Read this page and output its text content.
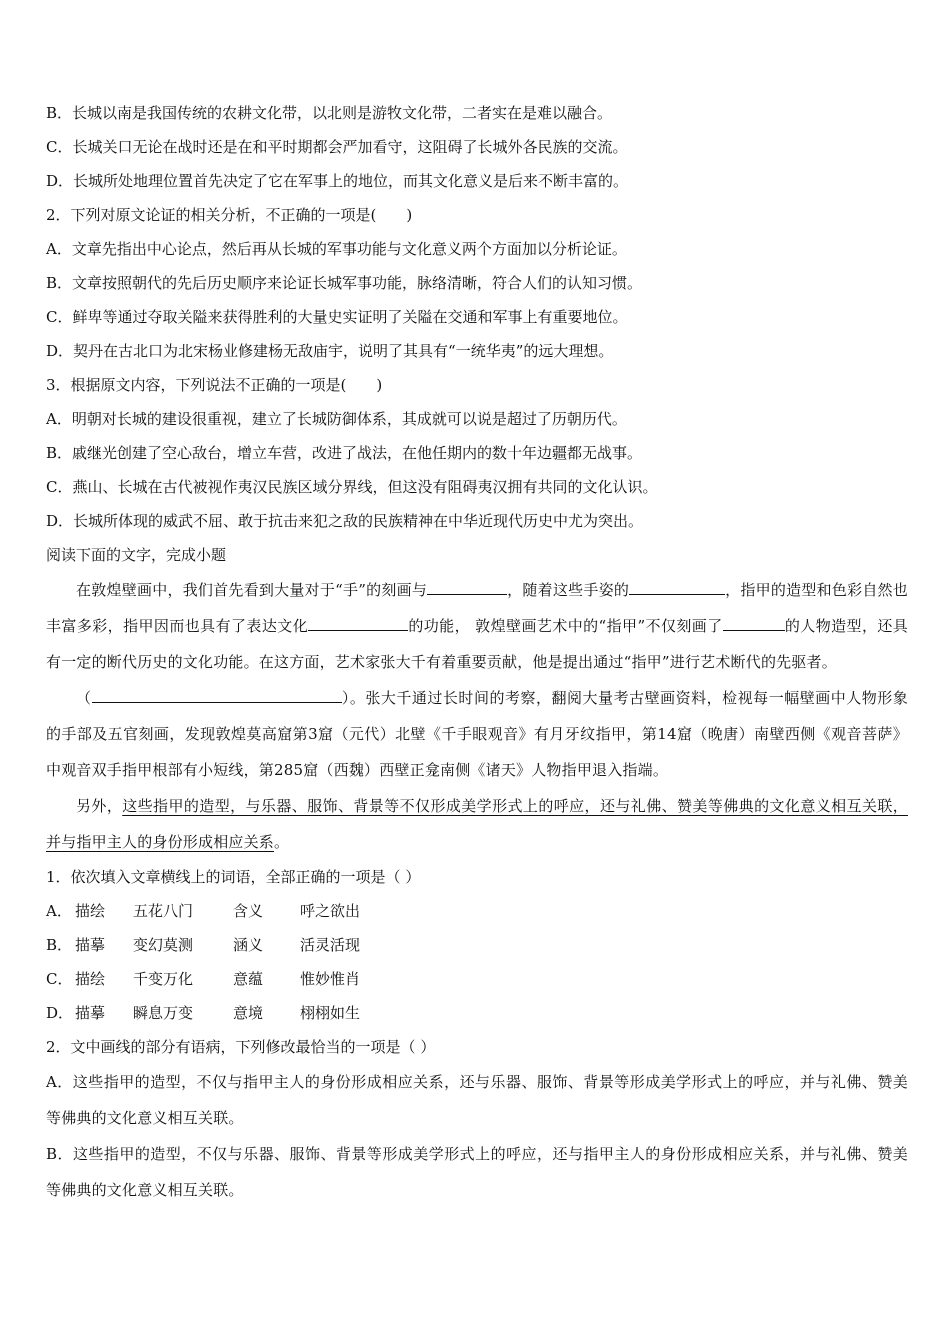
B．长城以南是我国传统的农耕文化带，以北则是游牧文化带，二者实在是难以融合。
C．长城关口无论在战时还是在和平时期都会严加看守，这阻碍了长城外各民族的交流。
D．长城所处地理位置首先决定了它在军事上的地位，而其文化意义是后来不断丰富的。
2．下列对原文论证的相关分析，不正确的一项是(　　)
A．文章先指出中心论点，然后再从长城的军事功能与文化意义两个方面加以分析论证。
B．文章按照朝代的先后历史顺序来论证长城军事功能，脉络清晰，符合人们的认知习惯。
C．鲜卑等通过夺取关隘来获得胜利的大量史实证明了关隘在交通和军事上有重要地位。
D．契丹在古北口为北宋杨业修建杨无敌庙宇，说明了其具有“一统华夷”的远大理想。
3．根据原文内容，下列说法不正确的一项是(　　)
A．明朝对长城的建设很重视，建立了长城防御体系，其成就可以说是超过了历朝历代。
B．戚继光创建了空心敌台，增立车营，改进了战法，在他任期内的数十年边疆都无战事。
C．燕山、长城在古代被视作夷汉民族区域分界线，但这没有阻碍夷汉拥有共同的文化认识。
D．长城所体现的威武不屈、敢于抗击来犯之敌的民族精神在中华近现代历史中尤为突出。
阅读下面的文字，完成小题
在敦煌壁画中，我们首先看到大量对于“手”的刻画与	，随着这些手姿的	，指甲的造型和色彩自然也丰富多彩，指甲因而也具有了表达文化	的功能， 敦煌壁画艺术中的“指甲”不仅刻画了	的人物造型，还具有一定的断代历史的文化功能。在这方面，艺术家张大千有着重要贡献，他是提出通过“指甲”进行艺术断代的先驱者。
（	）。张大千通过长时间的考察，翻阅大量考古壁画资料，检视每一幅壁画中人物形象的手部及五官刻画，发现敦煌莫高窟第3窟（元代）北壁《千手眼观音》有月牙纹指甲，第14窟（晚唐）南壁西侧《观音菩萨》中观音双手指甲根部有小短线，第285窟（西魏）西壁正龛南侧《诸天》人物指甲退入指端。
另外，这些指甲的造型，与乐器、服饰、背景等不仅形成美学形式上的呼应，还与礼佛、赞美等佛典的文化意义相互关联，并与指甲主人的身份形成相应关系。
1．依次填入文章横线上的词语，全部正确的一项是（ ）
A． 描绘	五花八门	含义	呼之欲出
B． 描摹	变幻莫测	涵义	活灵活现
C． 描绘	千变万化	意蕴	惟妙惟肖
D． 描摹	瞬息万变	意境	栩栩如生
2．文中画线的部分有语病，下列修改最恰当的一项是（ ）
A．这些指甲的造型，不仅与指甲主人的身份形成相应关系，还与乐器、服饰、背景等形成美学形式上的呼应，并与礼佛、赞美等佛典的文化意义相互关联。
B．这些指甲的造型，不仅与乐器、服饰、背景等形成美学形式上的呼应，还与指甲主人的身份形成相应关系，并与礼佛、赞美等佛典的文化意义相互关联。
